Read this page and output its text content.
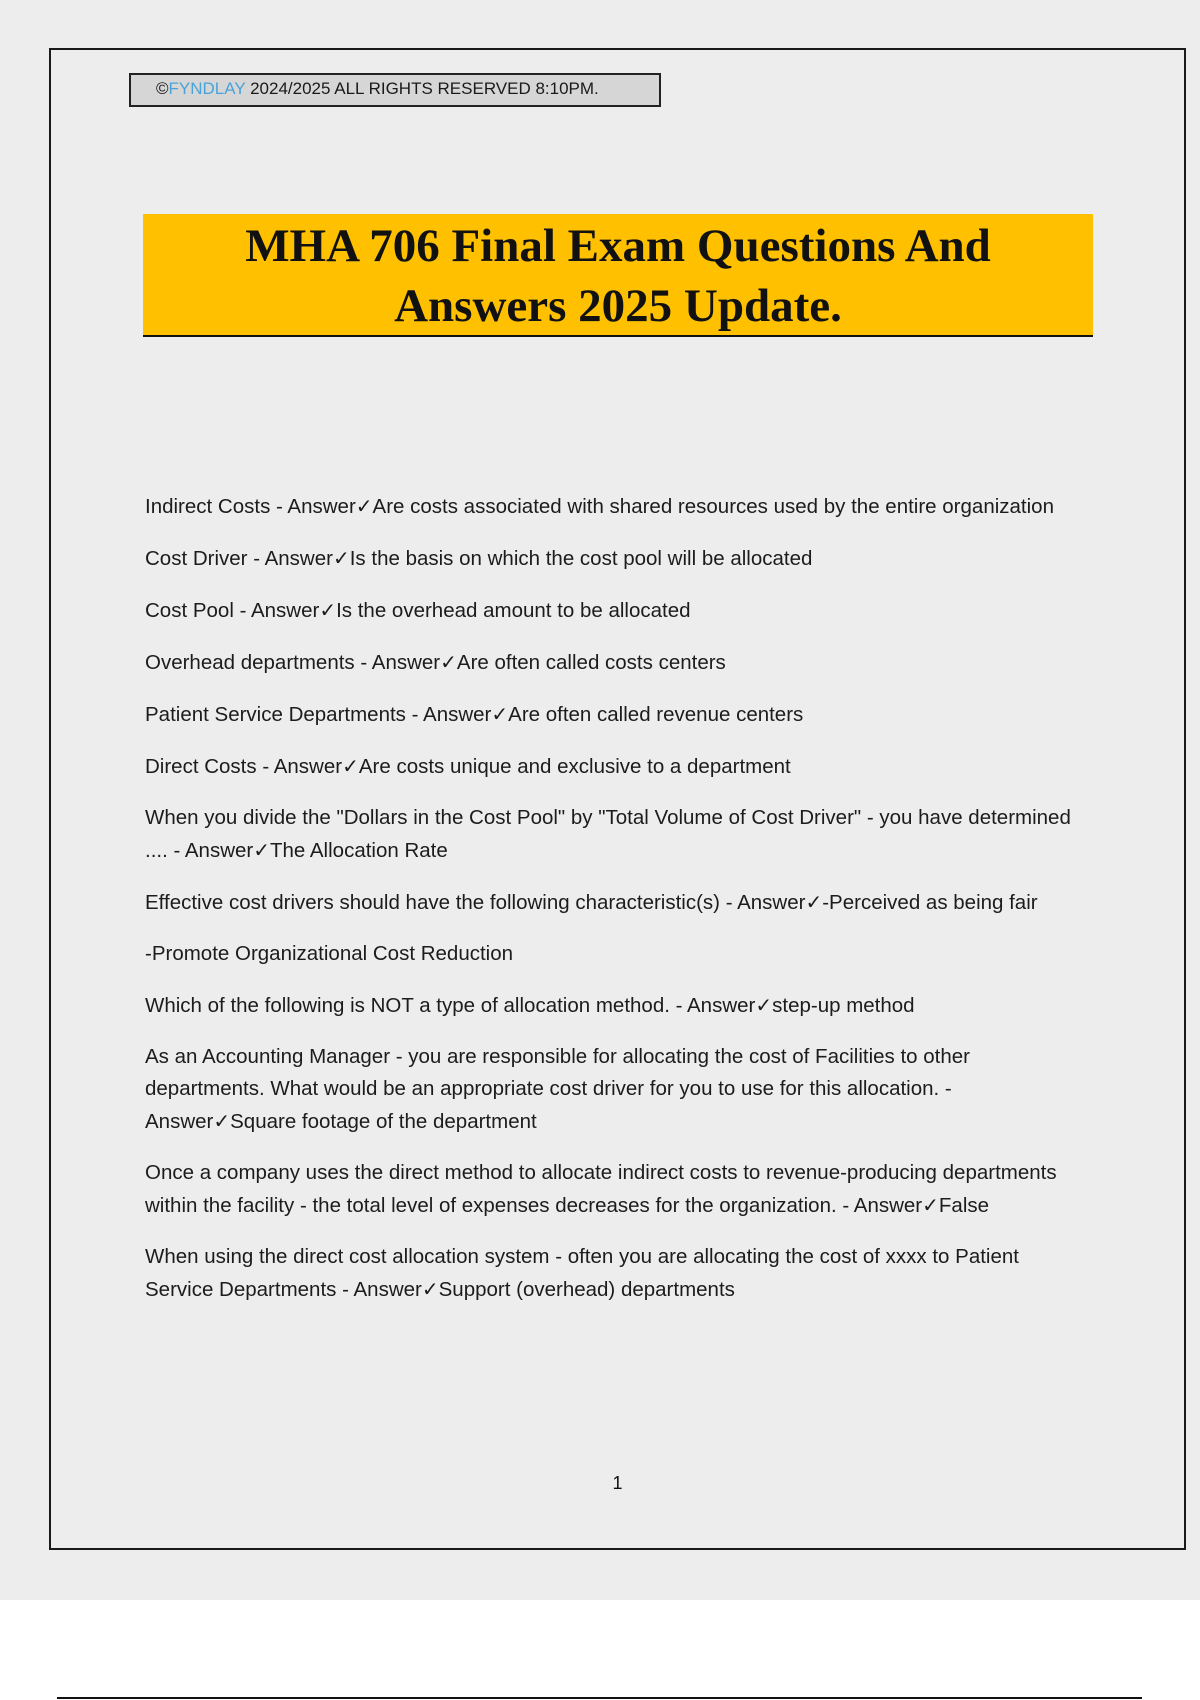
©FYNDLAY 2024/2025 ALL RIGHTS RESERVED 8:10PM.
MHA 706 Final Exam Questions And
Answers 2025 Update.
Indirect Costs - Answer✓Are costs associated with shared resources used by the entire organization
Cost Driver - Answer✓Is the basis on which the cost pool will be allocated
Cost Pool - Answer✓Is the overhead amount to be allocated
Overhead departments - Answer✓Are often called costs centers
Patient Service Departments - Answer✓Are often called revenue centers
Direct Costs - Answer✓Are costs unique and exclusive to a department
When you divide the "Dollars in the Cost Pool" by "Total Volume of Cost Driver" - you have determined .... - Answer✓The Allocation Rate
Effective cost drivers should have the following characteristic(s) - Answer✓-Perceived as being fair
-Promote Organizational Cost Reduction
Which of the following is NOT a type of allocation method. - Answer✓step-up method
As an Accounting Manager - you are responsible for allocating the cost of Facilities to other departments. What would be an appropriate cost driver for you to use for this allocation. - Answer✓Square footage of the department
Once a company uses the direct method to allocate indirect costs to revenue-producing departments within the facility - the total level of expenses decreases for the organization. - Answer✓False
When using the direct cost allocation system - often you are allocating the cost of xxxx to Patient Service Departments - Answer✓Support (overhead) departments
1
